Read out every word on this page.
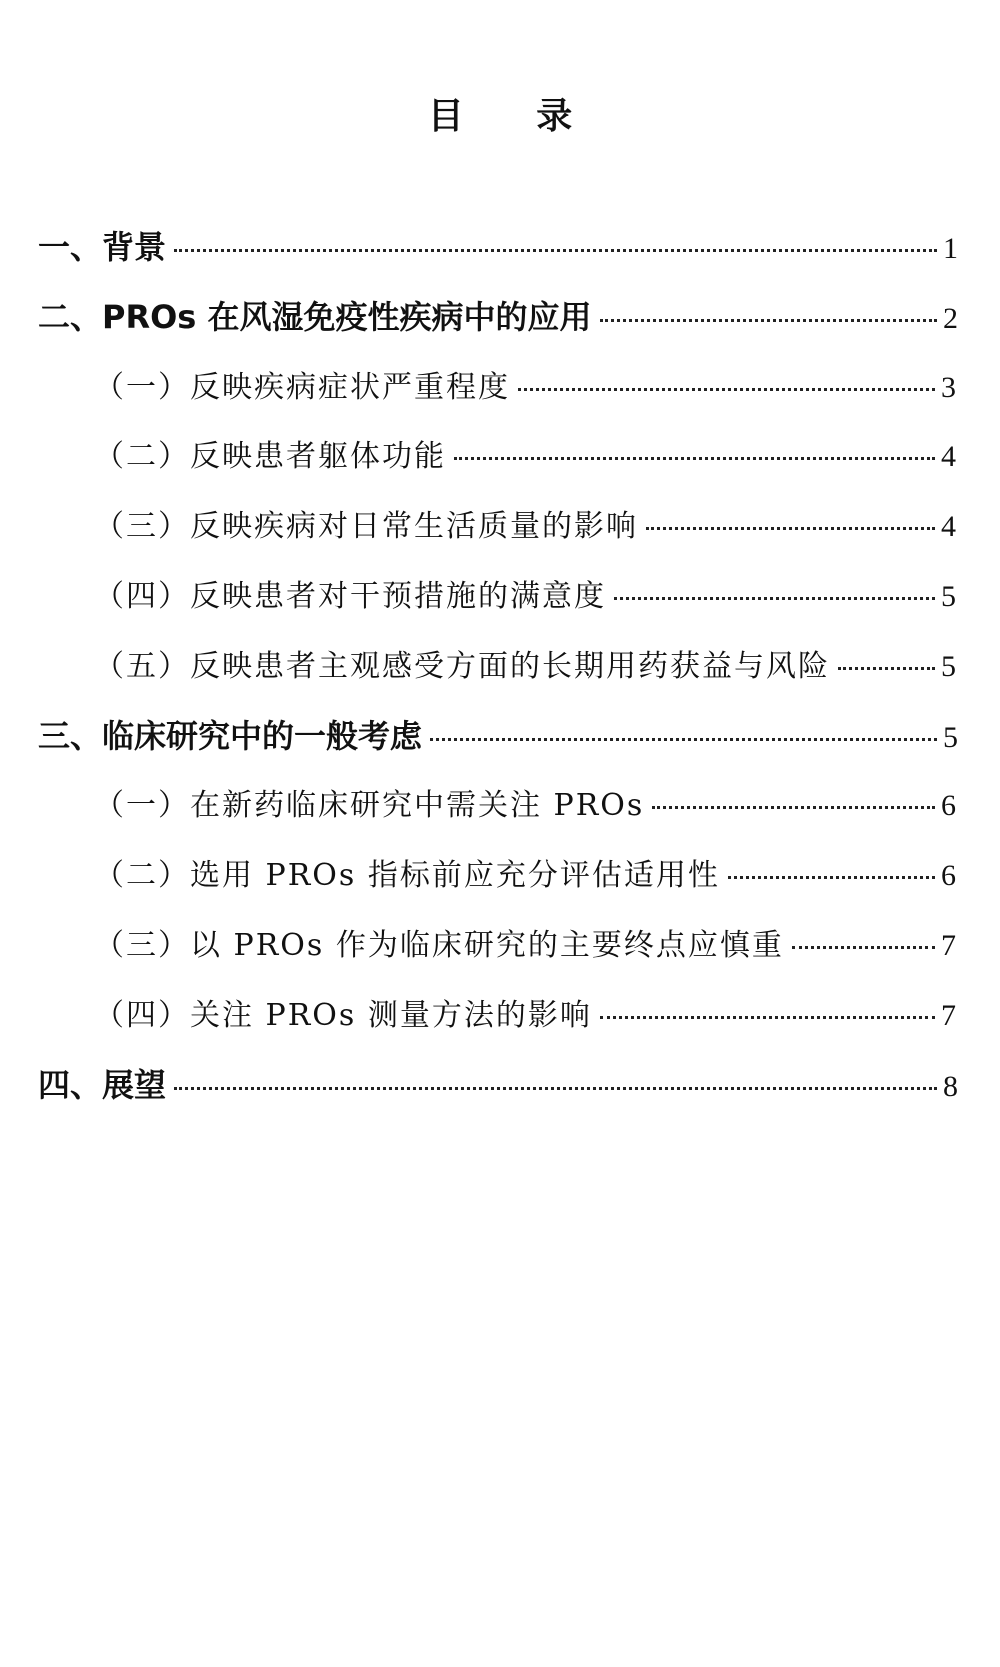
目 录
一、背景	1
二、PROs 在风湿免疫性疾病中的应用	2
（一）反映疾病症状严重程度	3
（二）反映患者躯体功能	4
（三）反映疾病对日常生活质量的影响	4
（四）反映患者对干预措施的满意度	5
（五）反映患者主观感受方面的长期用药获益与风险	5
三、临床研究中的一般考虑	5
（一）在新药临床研究中需关注 PROs	6
（二）选用 PROs 指标前应充分评估适用性	6
（三）以 PROs 作为临床研究的主要终点应慎重	7
（四）关注 PROs 测量方法的影响	7
四、展望	8
